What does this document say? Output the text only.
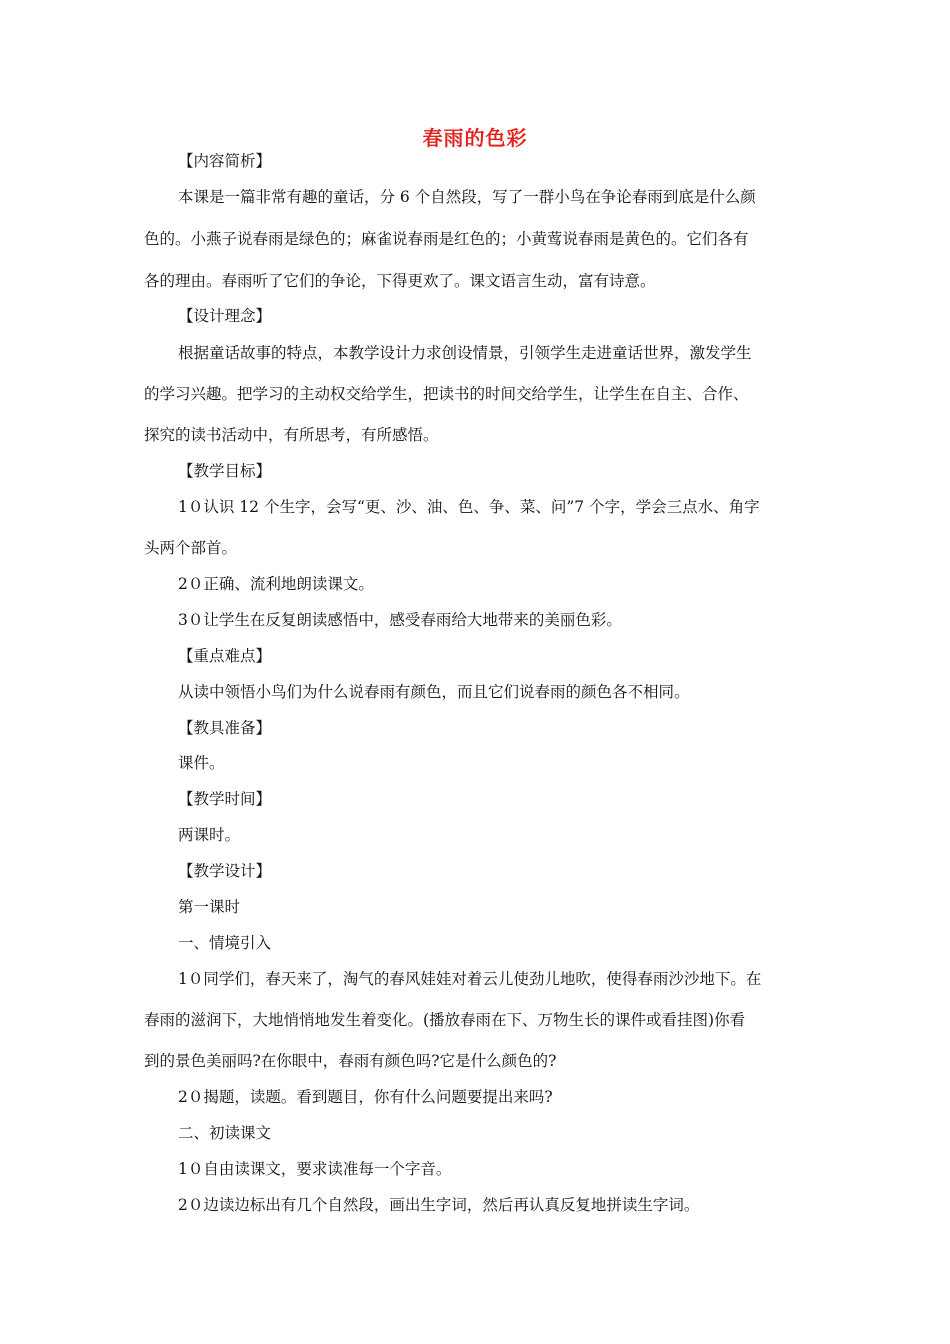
春雨的色彩
【内容简析】
本课是一篇非常有趣的童话，分 6 个自然段，写了一群小鸟在争论春雨到底是什么颜
色的。小燕子说春雨是绿色的；麻雀说春雨是红色的；小黄莺说春雨是黄色的。它们各有
各的理由。春雨听了它们的争论，下得更欢了。课文语言生动，富有诗意。
【设计理念】
根据童话故事的特点，本教学设计力求创设情景，引领学生走进童话世界，激发学生
的学习兴趣。把学习的主动权交给学生，把读书的时间交给学生，让学生在自主、合作、
探究的读书活动中，有所思考，有所感悟。
【教学目标】
1０认识 12 个生字，会写“更、沙、油、色、争、菜、问”7 个字，学会三点水、角字
头两个部首。
2０正确、流利地朗读课文。
3０让学生在反复朗读感悟中，感受春雨给大地带来的美丽色彩。
【重点难点】
从读中领悟小鸟们为什么说春雨有颜色，而且它们说春雨的颜色各不相同。
【教具准备】
课件。
【教学时间】
两课时。
【教学设计】
第一课时
一、情境引入
1０同学们，春天来了，淘气的春风娃娃对着云儿使劲儿地吹，使得春雨沙沙地下。在
春雨的滋润下，大地悄悄地发生着变化。(播放春雨在下、万物生长的课件或看挂图)你看
到的景色美丽吗?在你眼中，春雨有颜色吗?它是什么颜色的?
2０揭题，读题。看到题目，你有什么问题要提出来吗?
二、初读课文
1０自由读课文，要求读准每一个字音。
2０边读边标出有几个自然段，画出生字词，然后再认真反复地拼读生字词。
